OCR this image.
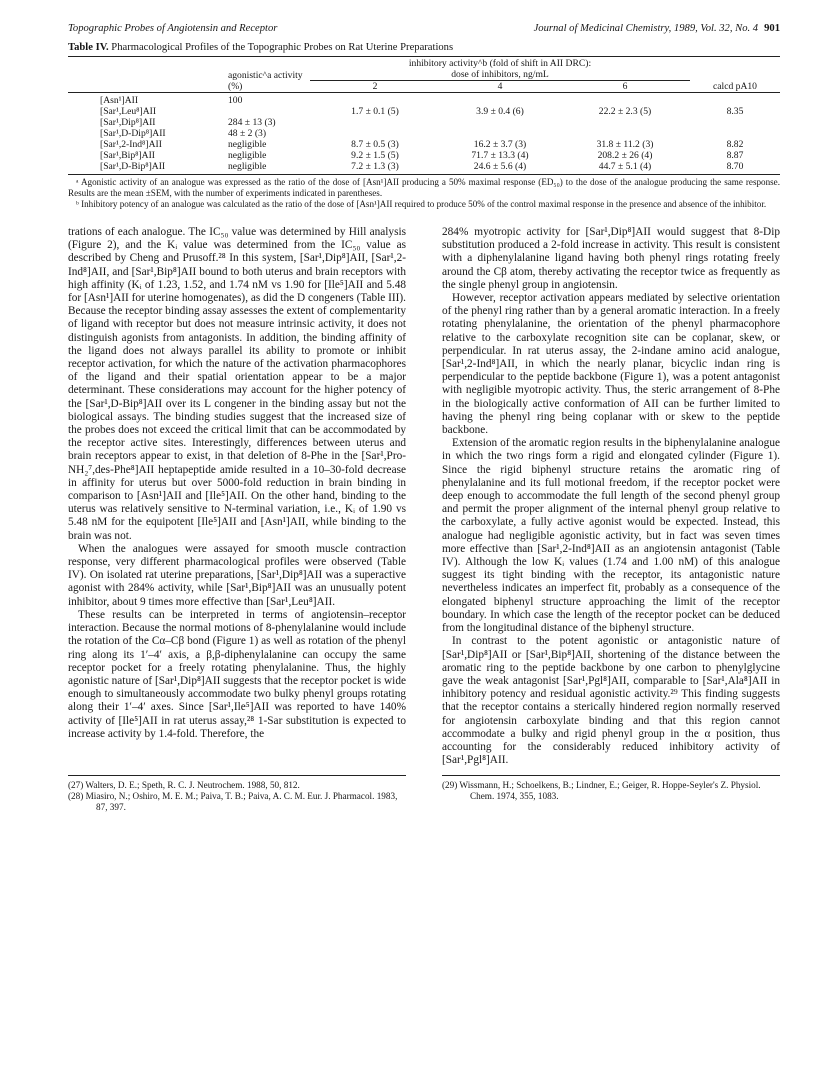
Topographic Probes of Angiotensin and Receptor	Journal of Medicinal Chemistry, 1989, Vol. 32, No. 4 901
Table IV. Pharmacological Profiles of the Topographic Probes on Rat Uterine Preparations
		inhibitory activity^b (fold of shift in AII DRC):			
	agonistic^a activity (%)	dose of inhibitors, ng/mL			
		2	4	6	calcd pA10
[Asn¹]AII	100				
[Sar¹,Leu⁸]AII		1.7 ± 0.1 (5)	3.9 ± 0.4 (6)	22.2 ± 2.3 (5)	8.35
[Sar¹,Dip⁸]AII	284 ± 13 (3)				
[Sar¹,D-Dip⁸]AII	48 ± 2 (3)				
[Sar¹,2-Ind⁸]AII	negligible	8.7 ± 0.5 (3)	16.2 ± 3.7 (3)	31.8 ± 11.2 (3)	8.82
[Sar¹,Bip⁸]AII	negligible	9.2 ± 1.5 (5)	71.7 ± 13.3 (4)	208.2 ± 26 (4)	8.87
[Sar¹,D-Bip⁸]AII	negligible	7.2 ± 1.3 (3)	24.6 ± 5.6 (4)	44.7 ± 5.1 (4)	8.70

ᵃ Agonistic activity of an analogue was expressed as the ratio of the dose of [Asn¹]AII producing a 50% maximal response (ED₅₀) to the dose of the analogue producing the same response. Results are the mean ±SEM, with the number of experiments indicated in parentheses.

ᵇ Inhibitory potency of an analogue was calculated as the ratio of the dose of [Asn¹]AII required to produce 50% of the control maximal response in the presence and absence of the inhibitor.

trations of each analogue. The IC₅₀ value was determined by Hill analysis (Figure 2), and the Kᵢ value was determined from the IC₅₀ value as described by Cheng and Prusoff.²⁸ In this system, [Sar¹,Dip⁸]AII, [Sar¹,2-Ind⁸]AII, and [Sar¹,Bip⁸]AII bound to both uterus and brain receptors with high affinity (Kᵢ of 1.23, 1.52, and 1.74 nM vs 1.90 for [Ile⁵]AII and 5.48 for [Asn¹]AII for uterine homogenates), as did the D congeners (Table III). Because the receptor binding assay assesses the extent of complementarity of ligand with receptor but does not measure intrinsic activity, it does not distinguish agonists from antagonists. In addition, the binding affinity of the ligand does not always parallel its ability to promote or inhibit receptor activation, for which the nature of the activation pharmacophores of the ligand and their spatial orientation appear to be a major determinant. These considerations may account for the higher potency of the [Sar¹,D-Bip⁸]AII over its L congener in the binding assay but not the biological assays. The binding studies suggest that the increased size of the probes does not exceed the critical limit that can be accommodated by the receptor active sites. Interestingly, differences between uterus and brain receptors appear to exist, in that deletion of 8-Phe in the [Sar¹,Pro-NH₂⁷,des-Phe⁸]AII heptapeptide amide resulted in a 10–30-fold decrease in affinity for uterus but over 5000-fold reduction in brain binding in comparison to [Asn¹]AII and [Ile⁵]AII. On the other hand, binding to the uterus was relatively sensitive to N-terminal variation, i.e., Kᵢ of 1.90 vs 5.48 nM for the equipotent [Ile⁵]AII and [Asn¹]AII, while binding to the brain was not.

When the analogues were assayed for smooth muscle contraction response, very different pharmacological profiles were observed (Table IV). On isolated rat uterine preparations, [Sar¹,Dip⁸]AII was a superactive agonist with 284% activity, while [Sar¹,Bip⁸]AII was an unusually potent inhibitor, about 9 times more effective than [Sar¹,Leu⁸]AII.

These results can be interpreted in terms of angiotensin–receptor interaction. Because the normal motions of 8-phenylalanine would include the rotation of the Cα–Cβ bond (Figure 1) as well as rotation of the phenyl ring along its 1′–4′ axis, a β,β-diphenylalanine can occupy the same receptor pocket for a freely rotating phenylalanine. Thus, the highly agonistic nature of [Sar¹,Dip⁸]AII suggests that the receptor pocket is wide enough to simultaneously accommodate two bulky phenyl groups rotating along their 1′–4′ axes. Since [Sar¹,Ile⁵]AII was reported to have 140% activity of [Ile⁵]AII in rat uterus assay,²⁸ 1-Sar substitution is expected to increase activity by 1.4-fold. Therefore, the

284% myotropic activity for [Sar¹,Dip⁸]AII would suggest that 8-Dip substitution produced a 2-fold increase in activity. This result is consistent with a diphenylalanine ligand having both phenyl rings rotating freely around the Cβ atom, thereby activating the receptor twice as frequently as the single phenyl group in angiotensin.

However, receptor activation appears mediated by selective orientation of the phenyl ring rather than by a general aromatic interaction. In a freely rotating phenylalanine, the orientation of the phenyl pharmacophore relative to the carboxylate recognition site can be coplanar, skew, or perpendicular. In rat uterus assay, the 2-indane amino acid analogue, [Sar¹,2-Ind⁸]AII, in which the nearly planar, bicyclic indan ring is perpendicular to the peptide backbone (Figure 1), was a potent antagonist with negligible myotropic activity. Thus, the steric arrangement of 8-Phe in the biologically active conformation of AII can be further limited to having the phenyl ring being coplanar with or skew to the peptide backbone.

Extension of the aromatic region results in the biphenylalanine analogue in which the two rings form a rigid and elongated cylinder (Figure 1). Since the rigid biphenyl structure retains the aromatic ring of phenylalanine and its full motional freedom, if the receptor pocket were deep enough to accommodate the full length of the second phenyl group and permit the proper alignment of the internal phenyl group relative to the carboxylate, a fully active agonist would be expected. Instead, this analogue had negligible agonistic activity, but in fact was seven times more effective than [Sar¹,2-Ind⁸]AII as an angiotensin antagonist (Table IV). Although the low Kᵢ values (1.74 and 1.00 nM) of this analogue suggest its tight binding with the receptor, its antagonistic nature nevertheless indicates an imperfect fit, probably as a consequence of the elongated biphenyl structure approaching the limit of the receptor boundary. In which case the length of the receptor pocket can be deduced from the longitudinal distance of the biphenyl structure.

In contrast to the potent agonistic or antagonistic nature of [Sar¹,Dip⁸]AII or [Sar¹,Bip⁸]AII, shortening of the distance between the aromatic ring to the peptide backbone by one carbon to phenylglycine gave the weak antagonist [Sar¹,Pgl⁸]AII, comparable to [Sar¹,Ala⁸]AII in inhibitory potency and residual agonistic activity.²⁹ This finding suggests that the receptor contains a sterically hindered region normally reserved for angiotensin carboxylate binding and that this region cannot accommodate a bulky and rigid phenyl group in the α position, thus accounting for the considerably reduced inhibitory activity of [Sar¹,Pgl⁸]AII.

(27) Walters, D. E.; Speth, R. C. J. Neutrochem. 1988, 50, 812.

(28) Miasiro, N.; Oshiro, M. E. M.; Paiva, T. B.; Paiva, A. C. M. Eur. J. Pharmacol. 1983, 87, 397.

(29) Wissmann, H.; Schoelkens, B.; Lindner, E.; Geiger, R. Hoppe-Seyler's Z. Physiol. Chem. 1974, 355, 1083.
